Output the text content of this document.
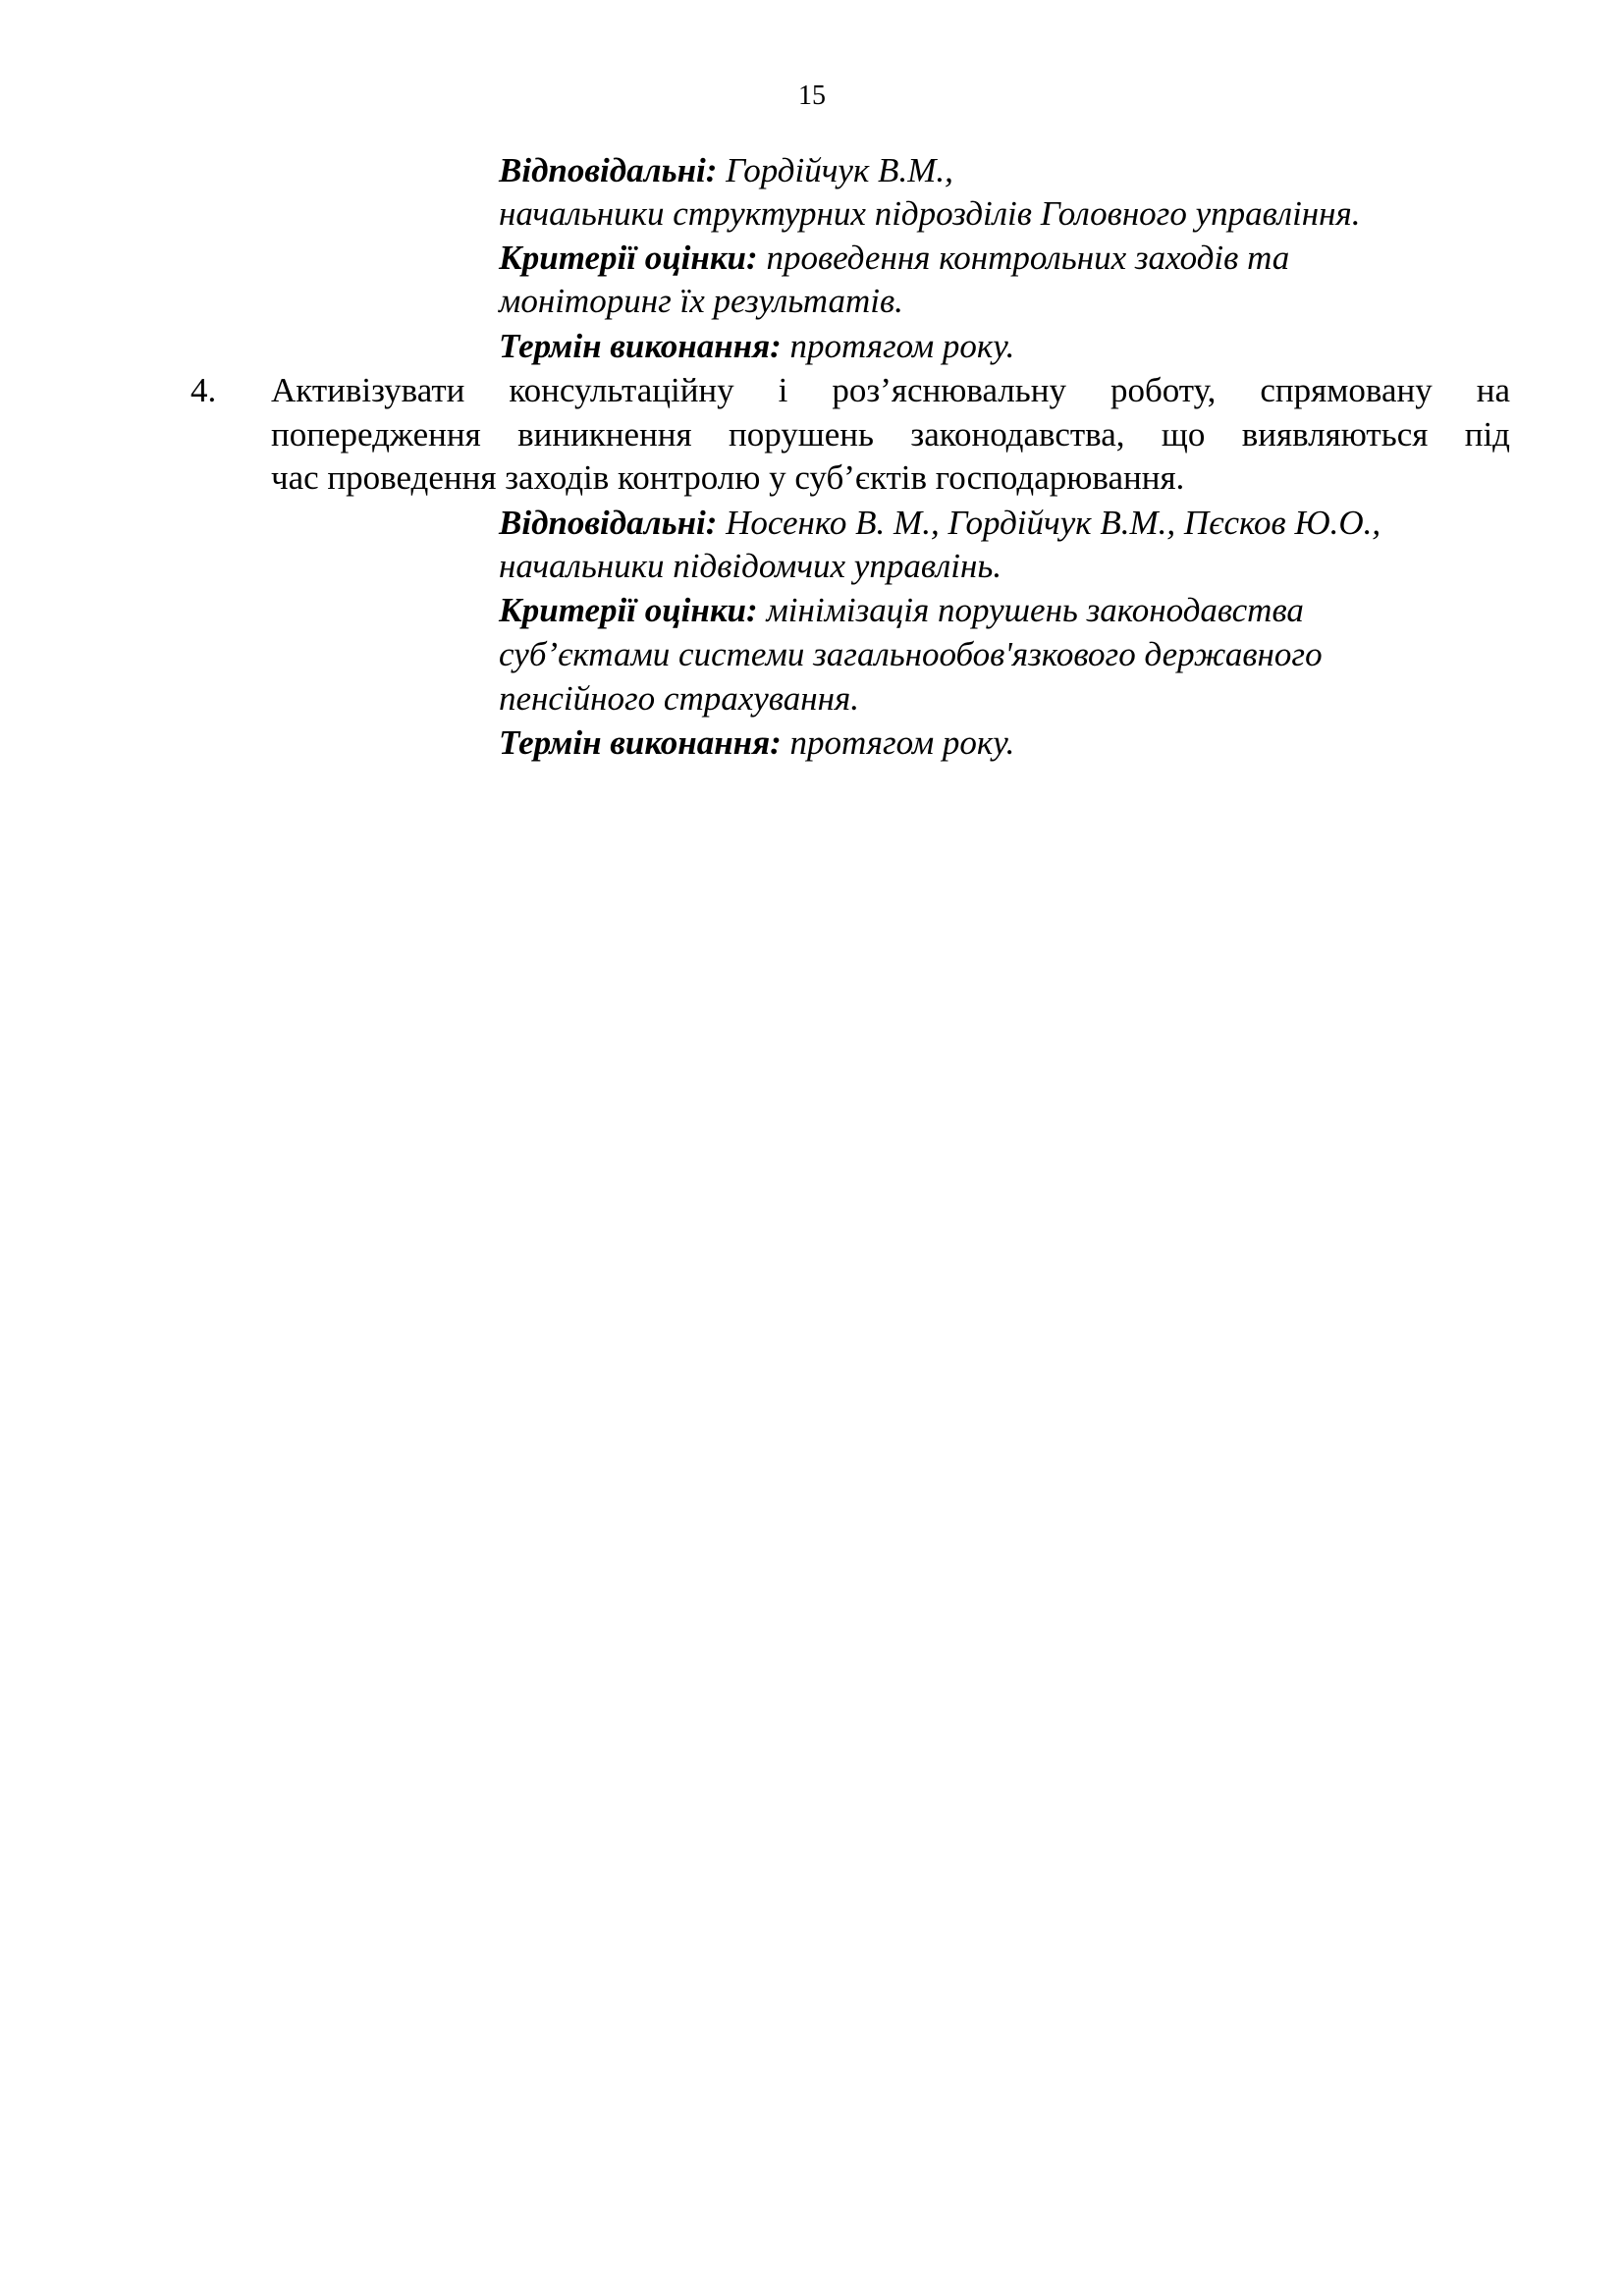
15
Відповідальні: Гордійчук В.М.,
начальники структурних підрозділів Головного управління.
Критерії оцінки: проведення контрольних заходів та
моніторинг їх результатів.
Термін виконання: протягом року.
4. Активізувати консультаційну і роз’яснювальну роботу, спрямовану на
попередження виникнення порушень законодавства, що виявляються під
час проведення заходів контролю у суб’єктів господарювання.
Відповідальні: Носенко В. М., Гордійчук В.М., Пєсков Ю.О.,
начальники підвідомчих управлінь.
Критерії оцінки: мінімізація порушень законодавства
суб’єктами системи загальнообов'язкового державного
пенсійного страхування.
Термін виконання: протягом року.
